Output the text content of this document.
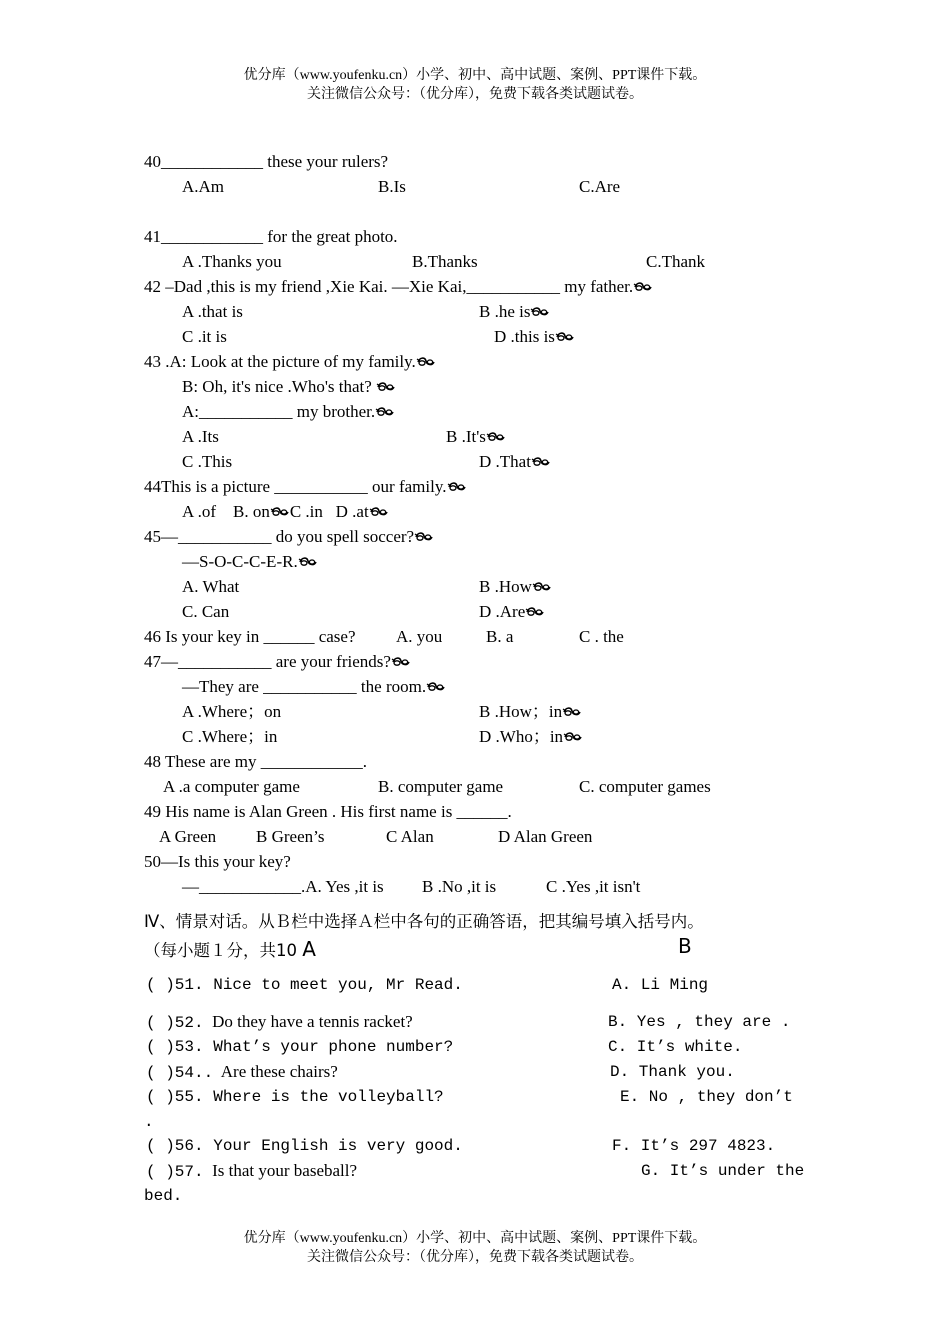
优分库（www.youfenku.cn）小学、初中、高中试题、案例、PPT课件下载。
关注微信公众号：（优分库），免费下载各类试题试卷。
40____________ these your rulers?
A.Am	B.Is	C.Are
41____________ for the great photo.
A .Thanks you	B.Thanks	C.Thank
42 –Dad ,this is my friend ,Xie Kai. —Xie Kai,___________ my father.
A .that is	B .he is
C .it is	D .this is
43 .A: Look at the picture of my family.
B: Oh, it's nice .Who's that?
A:___________ my brother.
A .Its	B .It's
C .This	D .That
44This is a picture ___________ our family.
A .of B. on C .in D .at
45—___________ do you spell soccer?
—S-O-C-C-E-R.
A. What	B .How
C. Can	D .Are
46 Is your key in ______ case? A. you	B. a	C . the
47—___________ are your friends?
—They are ___________ the room.
A .Where；on	B .How；in
C .Where；in	D .Who；in
48 These are my ____________.
A .a computer game	B. computer game	C. computer games
49 His name is Alan Green . His first name is ______.
A Green B Green’s	C Alan	D Alan Green
50—Is this your key?
—____________.A. Yes ,it is B .No ,it is	C .Yes ,it isn't
Ⅳ、情景对话。从Ｂ栏中选择Ａ栏中各句的正确答语，把其编号填入括号内。
（每小题１分，共10 A	B
( )51. Nice to meet you, Mr Read.	A. Li Ming
( )52. Do they have a tennis racket?	B. Yes , they are .
( )53. What’s your phone number?	C. It’s white.
( )54.. Are these chairs?	D. Thank you.
( )55. Where is the volleyball?	E. No , they don’t
.
( )56. Your English is very good.	F. It’s 297 4823.
( )57. Is that your baseball?	G. It’s under the
bed.
优分库（www.youfenku.cn）小学、初中、高中试题、案例、PPT课件下载。
关注微信公众号：（优分库），免费下载各类试题试卷。
